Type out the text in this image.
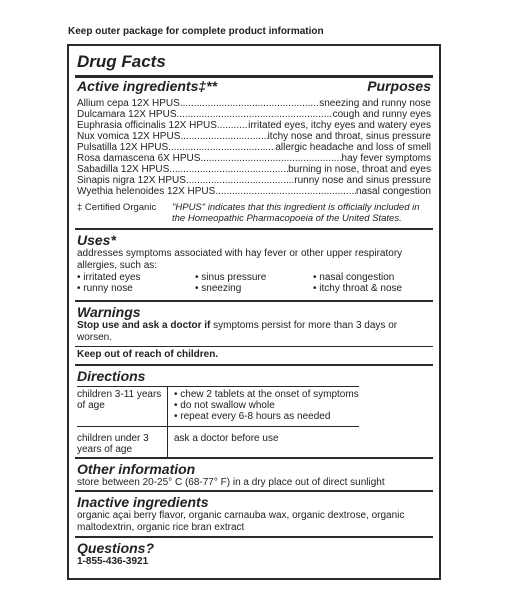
Keep outer package for complete product information
Drug Facts
Active ingredients‡**	Purposes
Allium cepa 12X HPUS .....	sneezing and runny nose
Dulcamara 12X HPUS .....	cough and runny eyes
Euphrasia officinalis 12X HPUS .....	irritated eyes, itchy eyes and watery eyes
Nux vomica 12X HPUS .....	itchy nose and throat, sinus pressure
Pulsatilla 12X HPUS .....	allergic headache and loss of smell
Rosa damascena 6X HPUS .....	hay fever symptoms
Sabadilla 12X HPUS .....	burning in nose, throat and eyes
Sinapis nigra 12X HPUS .....	runny nose and sinus pressure
Wyethia helenoides 12X HPUS .....	nasal congestion
‡ Certified Organic	"HPUS" indicates that this ingredient is officially included in the Homeopathic Pharmacopoeia of the United States.
Uses*
addresses symptoms associated with hay fever or other upper respiratory allergies, such as:
• irritated eyes
• runny nose
• sinus pressure
• sneezing
• nasal congestion
• itchy throat & nose
Warnings
Stop use and ask a doctor if symptoms persist for more than 3 days or worsen.
Keep out of reach of children.
Directions
children 3-11 years of age	• chew 2 tablets at the onset of symptoms
• do not swallow whole
• repeat every 6-8 hours as needed

children under 3 years of age	ask a doctor before use
Other information
store between 20-25° C (68-77° F) in a dry place out of direct sunlight
Inactive ingredients
organic açai berry flavor, organic carnauba wax, organic dextrose, organic maltodextrin, organic rice bran extract
Questions?
1-855-436-3921
